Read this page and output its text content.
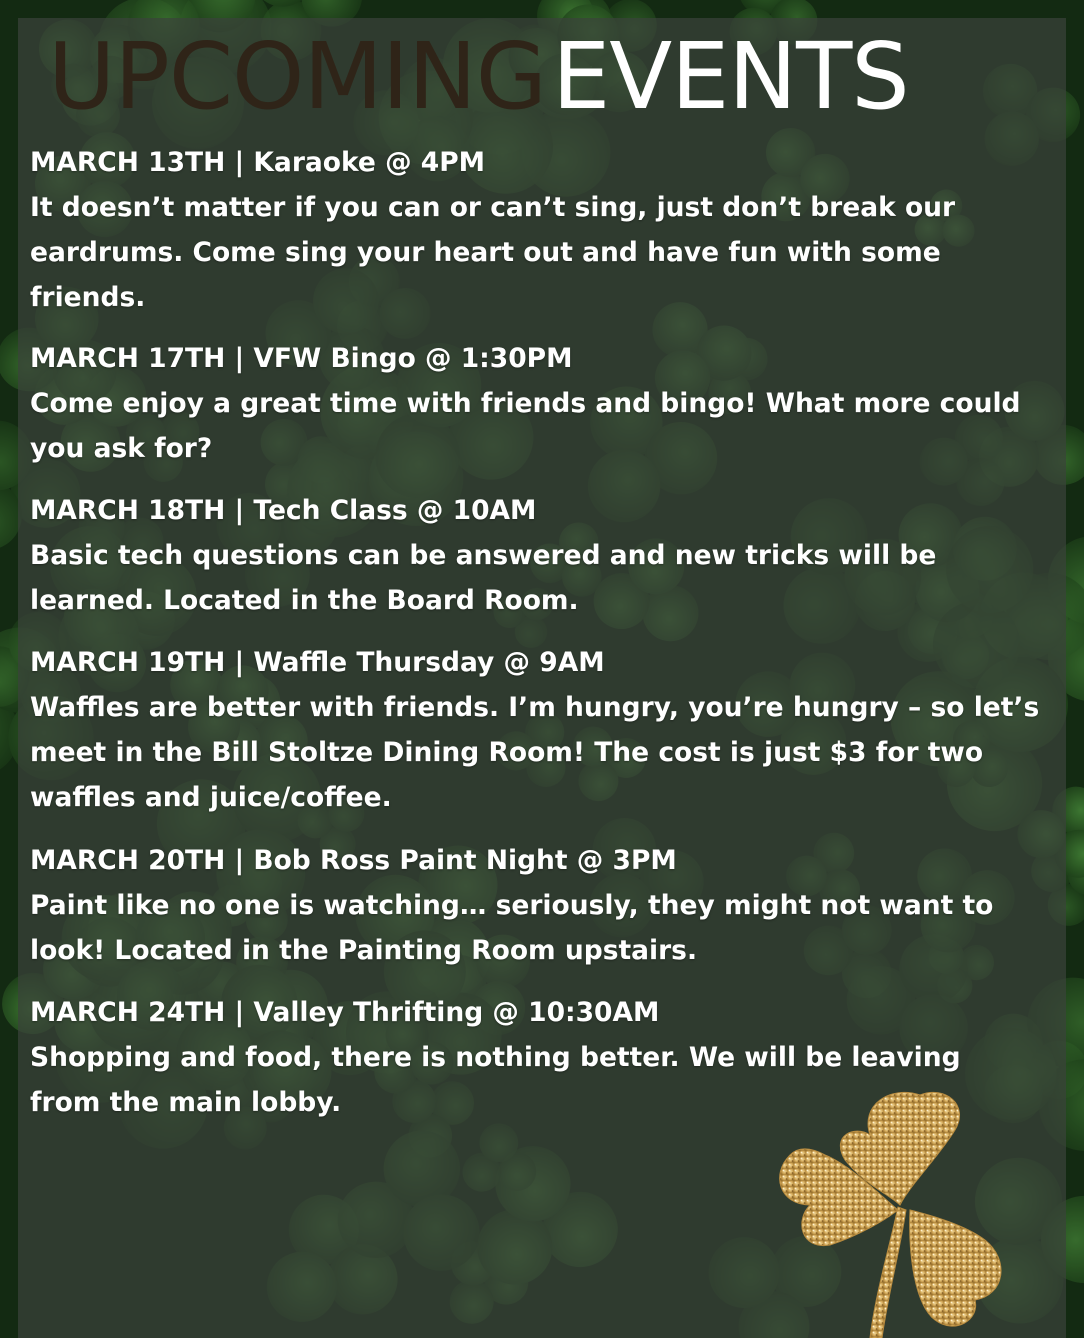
UPCOMINGEVENTS
MARCH 13TH | Karaoke @ 4PM
It doesn’t matter if you can or can’t sing, just don’t break our eardrums. Come sing your heart out and have fun with some friends.
MARCH 17TH | VFW Bingo @ 1:30PM
Come enjoy a great time with friends and bingo! What more could you ask for?
MARCH 18TH | Tech Class @ 10AM
Basic tech questions can be answered and new tricks will be learned. Located in the Board Room.
MARCH 19TH | Waffle Thursday @ 9AM
Waffles are better with friends. I’m hungry, you’re hungry – so let’s meet in the Bill Stoltze Dining Room! The cost is just $3 for two waffles and juice/coffee.
MARCH 20TH | Bob Ross Paint Night @ 3PM
Paint like no one is watching… seriously, they might not want to look! Located in the Painting Room upstairs.
MARCH 24TH | Valley Thrifting @ 10:30AM
Shopping and food, there is nothing better. We will be leaving from the main lobby.
